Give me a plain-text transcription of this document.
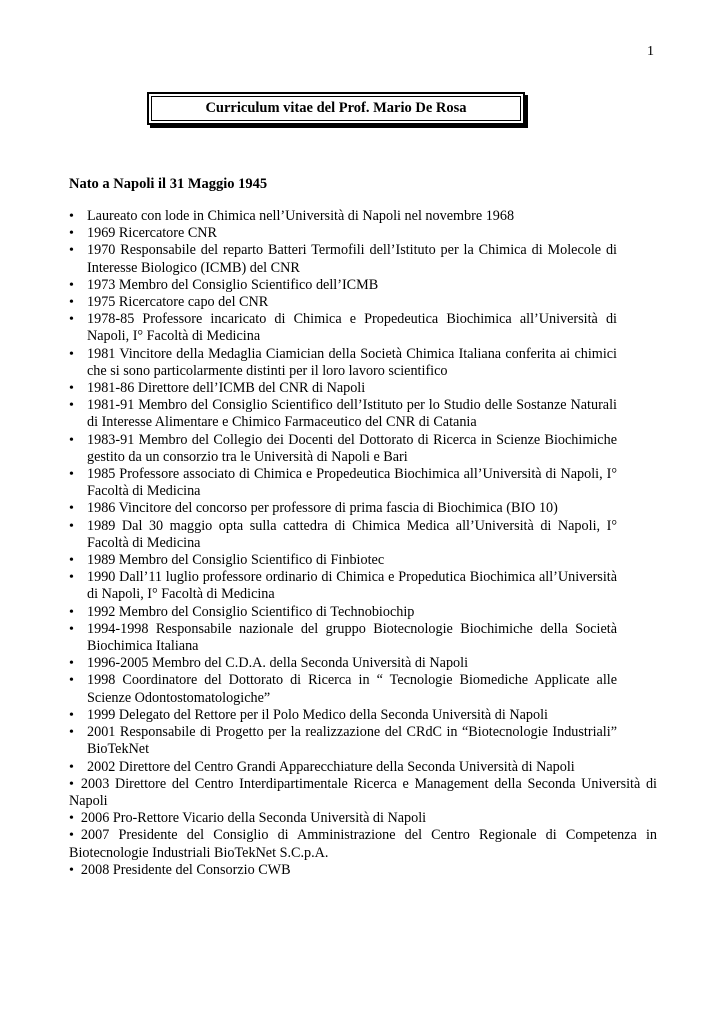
1
Curriculum vitae del Prof. Mario De Rosa
Nato a Napoli il 31 Maggio 1945
• Laureato con lode in Chimica nell’Università di Napoli nel novembre 1968
• 1969 Ricercatore CNR
• 1970 Responsabile del reparto Batteri Termofili dell’Istituto per la Chimica di Molecole di Interesse Biologico (ICMB) del CNR
• 1973 Membro del Consiglio Scientifico dell’ICMB
• 1975 Ricercatore capo del CNR
• 1978-85 Professore incaricato di Chimica e Propedeutica Biochimica all’Università di Napoli, I° Facoltà di Medicina
• 1981 Vincitore della Medaglia Ciamician della Società Chimica Italiana conferita ai chimici che si sono particolarmente distinti per il loro lavoro scientifico
• 1981-86 Direttore dell’ICMB del CNR di Napoli
• 1981-91 Membro del Consiglio Scientifico dell’Istituto per lo Studio delle Sostanze Naturali di Interesse Alimentare e Chimico Farmaceutico del CNR di Catania
• 1983-91 Membro del Collegio dei Docenti del Dottorato di Ricerca in Scienze Biochimiche gestito da un consorzio tra le Università di Napoli e Bari
• 1985 Professore associato di Chimica e Propedeutica Biochimica all’Università di Napoli, I° Facoltà di Medicina
• 1986 Vincitore del concorso per professore di prima fascia di Biochimica (BIO 10)
• 1989 Dal 30 maggio opta sulla cattedra di Chimica Medica all’Università di Napoli, I° Facoltà di Medicina
• 1989 Membro del Consiglio Scientifico di Finbiotec
• 1990 Dall’11 luglio professore ordinario di Chimica e Propedutica Biochimica all’Università di Napoli, I° Facoltà di Medicina
• 1992 Membro del Consiglio Scientifico di Technobiochip
• 1994-1998 Responsabile nazionale del gruppo Biotecnologie Biochimiche della Società Biochimica Italiana
• 1996-2005 Membro del C.D.A. della Seconda Università di Napoli
• 1998 Coordinatore del Dottorato di Ricerca in “ Tecnologie Biomediche Applicate alle Scienze Odontostomatologiche”
• 1999 Delegato del Rettore per il Polo Medico della Seconda Università di Napoli
• 2001 Responsabile di Progetto per la realizzazione del CRdC in “Biotecnologie Industriali” BioTekNet
• 2002 Direttore del Centro Grandi Apparecchiature della Seconda Università di Napoli
• 2003 Direttore del Centro Interdipartimentale Ricerca e Management della Seconda Università di Napoli
• 2006 Pro-Rettore Vicario della Seconda Università di Napoli
• 2007 Presidente del Consiglio di Amministrazione del Centro Regionale di Competenza in Biotecnologie Industriali BioTekNet S.C.p.A.
• 2008 Presidente del Consorzio CWB
